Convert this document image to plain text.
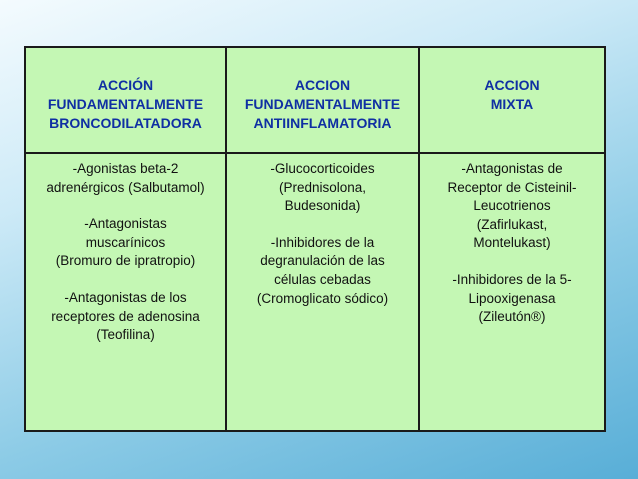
ACCIÓN
FUNDAMENTALMENTE
BRONCODILATADORA
ACCION
FUNDAMENTALMENTE
ANTIINFLAMATORIA
ACCION
MIXTA
-Agonistas beta-2
adrenérgicos (Salbutamol)
-Antagonistas
muscarínicos
(Bromuro de ipratropio)
-Antagonistas de los
receptores de adenosina
(Teofilina)
-Glucocorticoides
(Prednisolona,
Budesonida)
-Inhibidores de la
degranulación de las
células cebadas
(Cromoglicato sódico)
-Antagonistas de
Receptor de Cisteinil-
Leucotrienos
(Zafirlukast,
Montelukast)
-Inhibidores de la 5-
Lipooxigenasa
(Zileutón®)
